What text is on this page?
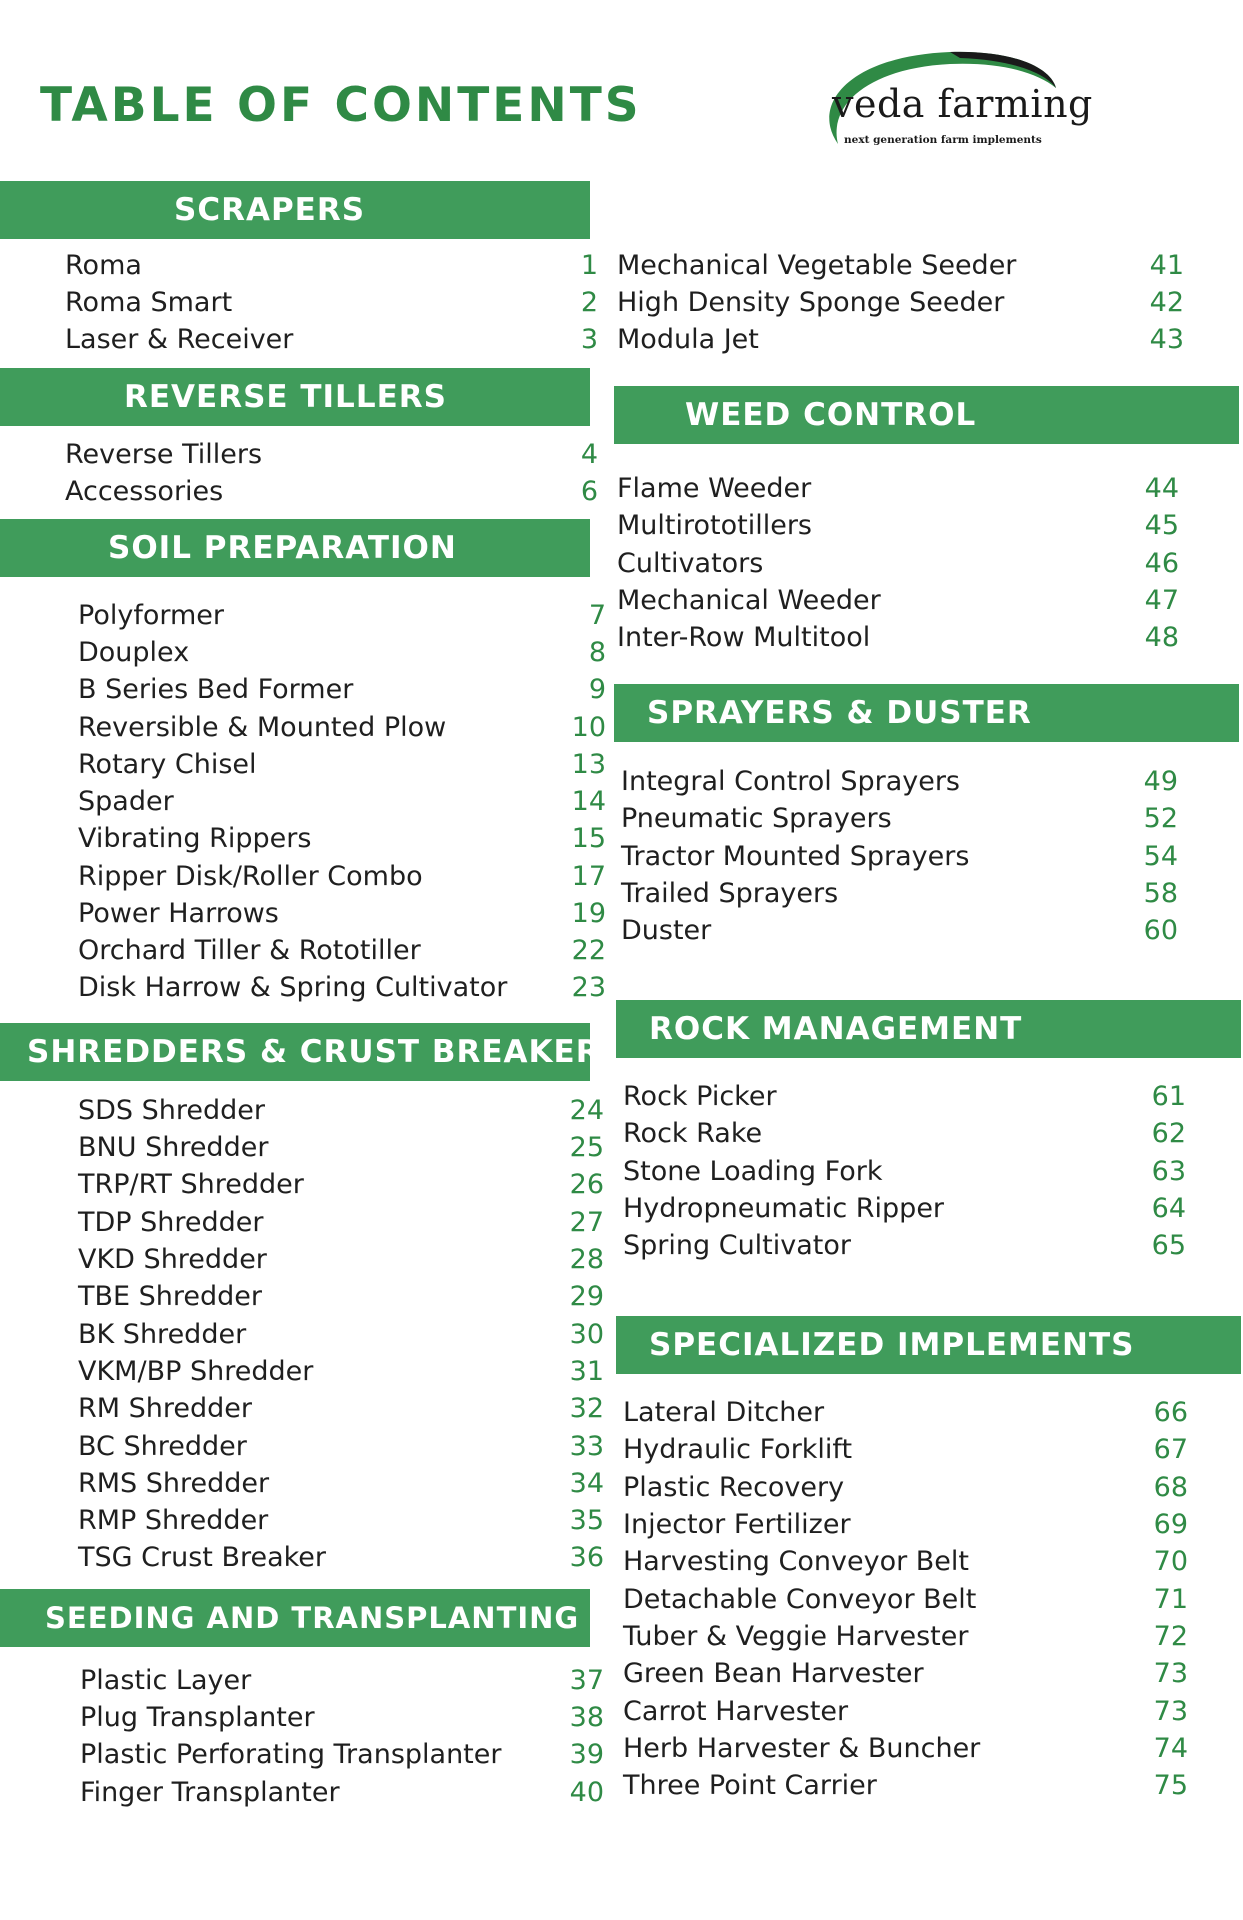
TABLE OF CONTENTS	veda farming
next generation farm implements
SCRAPERS
Roma	1
Roma Smart	2
Laser & Receiver	3
REVERSE TILLERS
Reverse Tillers	4
Accessories	6
SOIL PREPARATION
Polyformer	7
Douplex	8
B Series Bed Former	9
Reversible & Mounted Plow	10
Rotary Chisel	13
Spader	14
Vibrating Rippers	15
Ripper Disk/Roller Combo	17
Power Harrows	19
Orchard Tiller & Rototiller	22
Disk Harrow & Spring Cultivator	23
SHREDDERS & CRUST BREAKER
SDS Shredder	24
BNU Shredder	25
TRP/RT Shredder	26
TDP Shredder	27
VKD Shredder	28
TBE Shredder	29
BK Shredder	30
VKM/BP Shredder	31
RM Shredder	32
BC Shredder	33
RMS Shredder	34
RMP Shredder	35
TSG Crust Breaker	36
SEEDING AND TRANSPLANTING
Plastic Layer	37
Plug Transplanter	38
Plastic Perforating Transplanter	39
Finger Transplanter	40
Mechanical Vegetable Seeder	41
High Density Sponge Seeder	42
Modula Jet	43
WEED CONTROL
Flame Weeder	44
Multirototillers	45
Cultivators	46
Mechanical Weeder	47
Inter-Row Multitool	48
SPRAYERS & DUSTER
Integral Control Sprayers	49
Pneumatic Sprayers	52
Tractor Mounted Sprayers	54
Trailed Sprayers	58
Duster	60
ROCK MANAGEMENT
Rock Picker	61
Rock Rake	62
Stone Loading Fork	63
Hydropneumatic Ripper	64
Spring Cultivator	65
SPECIALIZED IMPLEMENTS
Lateral Ditcher	66
Hydraulic Forklift	67
Plastic Recovery	68
Injector Fertilizer	69
Harvesting Conveyor Belt	70
Detachable Conveyor Belt	71
Tuber & Veggie Harvester	72
Green Bean Harvester	73
Carrot Harvester	73
Herb Harvester & Buncher	74
Three Point Carrier	75
